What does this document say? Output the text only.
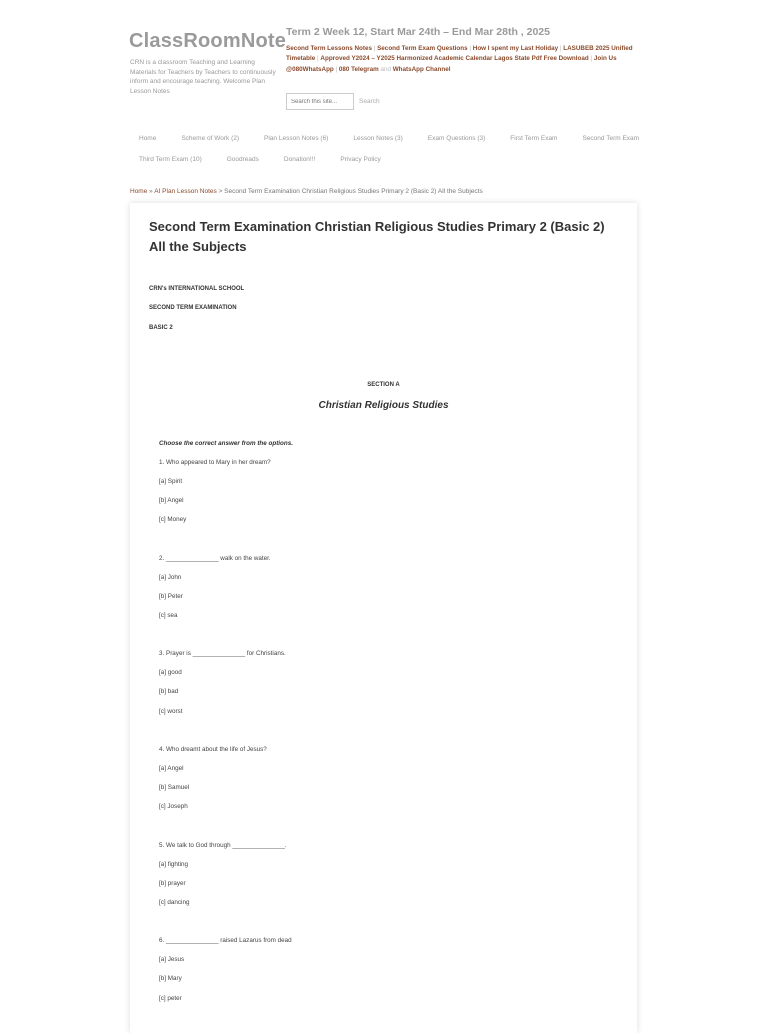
ClassRoomNote
CRN is a classroom Teaching and Learning Materials for Teachers by Teachers to continuously inform and encourage teaching. Welcome Plan Lesson Notes
Term 2 Week 12, Start Mar 24th – End Mar 28th , 2025
Second Term Lessons Notes | Second Term Exam Questions | How I spent my Last Holiday | LASUBEB 2025 Unified Timetable | Approved Y2024 – Y2025 Harmonized Academic Calendar Lagos State Pdf Free Download | Join Us @080WhatsApp | 080 Telegram and WhatsApp Channel
Search this site...
Search
Home	Scheme of Work (2)	Plan Lesson Notes (6)	Lesson Notes (3)	Exam Questions (3)	First Term Exam	Second Term Exam
Third Term Exam (10)	Goodreads	Donation!!!	Privacy Policy
Home » AI Plan Lesson Notes > Second Term Examination Christian Religious Studies Primary 2 (Basic 2) All the Subjects
Second Term Examination Christian Religious Studies Primary 2 (Basic 2) All the Subjects
CRN's INTERNATIONAL SCHOOL
SECOND TERM EXAMINATION
BASIC 2
SECTION A
Christian Religious Studies
Choose the correct answer from the options.
1. Who appeared to Mary in her dream?
[a] Spirit
[b] Angel
[c] Money
2. _______________ walk on the water.
[a] John
[b] Peter
[c] sea
3. Prayer is _______________ for Christians.
[a] good
[b] bad
[c] worst
4. Who dreamt about the life of Jesus?
[a] Angel
[b] Samuel
[c] Joseph
5. We talk to God through _______________.
[a] fighting
[b] prayer
[c] dancing
6. _______________ raised Lazarus from dead
[a] Jesus
[b] Mary
[c] peter
